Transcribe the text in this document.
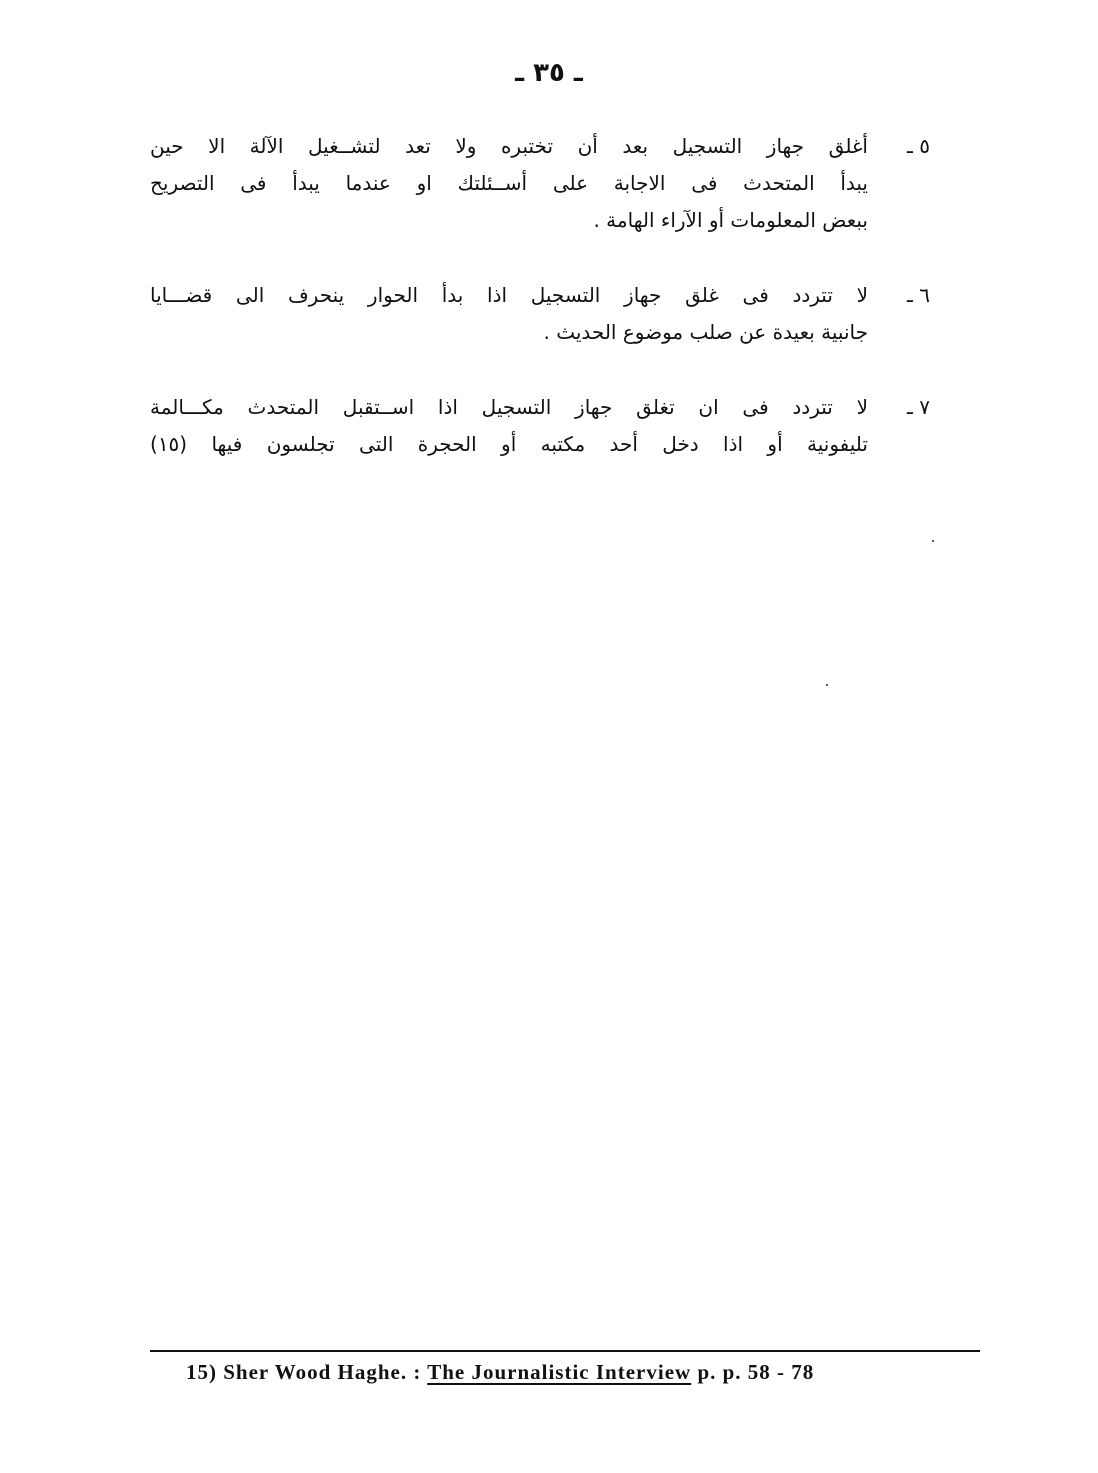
ـ ٣٥ ـ
٥ ـ
أغلق جهاز التسجيل بعد أن تختبره ولا تعد لتشــغيل الآلة الا حين
يبدأ المتحدث فى الاجابة على أســئلتك او عندما يبدأ فى التصريح
ببعض المعلومات أو الآراء الهامة .
٦ ـ
لا تتردد فى غلق جهاز التسجيل اذا بدأ الحوار ينحرف الى قضـــايا
جانبية بعيدة عن صلب موضوع الحديث .
٧ ـ
لا تتردد فى ان تغلق جهاز التسجيل اذا اســتقبل المتحدث مكـــالمة
تليفونية أو اذا دخل أحد مكتبه أو الحجرة التى تجلسون فيها (١٥)
15) Sher Wood Haghe. : The Journalistic Interview p. p. 58 - 78
